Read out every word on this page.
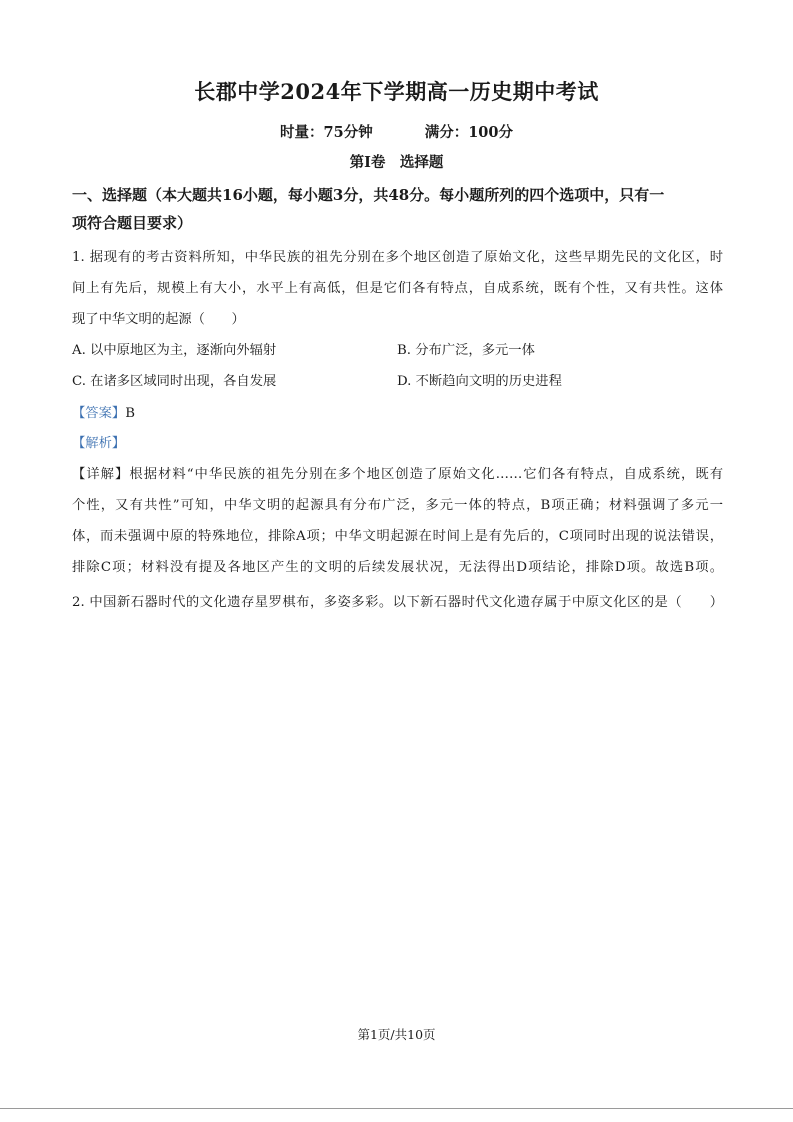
长郡中学2024年下学期高一历史期中考试
时量：75分钟	满分：100分
第Ⅰ卷　选择题
一、选择题（本大题共16小题，每小题3分，共48分。每小题所列的四个选项中，只有一
项符合题目要求）
1. 据现有的考古资料所知，中华民族的祖先分别在多个地区创造了原始文化，这些早期先民的文化区，时
间上有先后，规模上有大小，水平上有高低，但是它们各有特点，自成系统，既有个性，又有共性。这体
现了中华文明的起源（　　）
A. 以中原地区为主，逐渐向外辐射	B. 分布广泛，多元一体
C. 在诸多区域同时出现，各自发展	D. 不断趋向文明的历史进程
【答案】B
【解析】
【详解】根据材料“中华民族的祖先分别在多个地区创造了原始文化……它们各有特点，自成系统，既有
个性，又有共性”可知，中华文明的起源具有分布广泛，多元一体的特点，B项正确；材料强调了多元一
体，而未强调中原的特殊地位，排除A项；中华文明起源在时间上是有先后的，C项同时出现的说法错误，
排除C项；材料没有提及各地区产生的文明的后续发展状况，无法得出D项结论，排除D项。故选B项。
2. 中国新石器时代的文化遗存星罗棋布，多姿多彩。以下新石器时代文化遗存属于中原文化区的是（　　）
第1页/共10页
